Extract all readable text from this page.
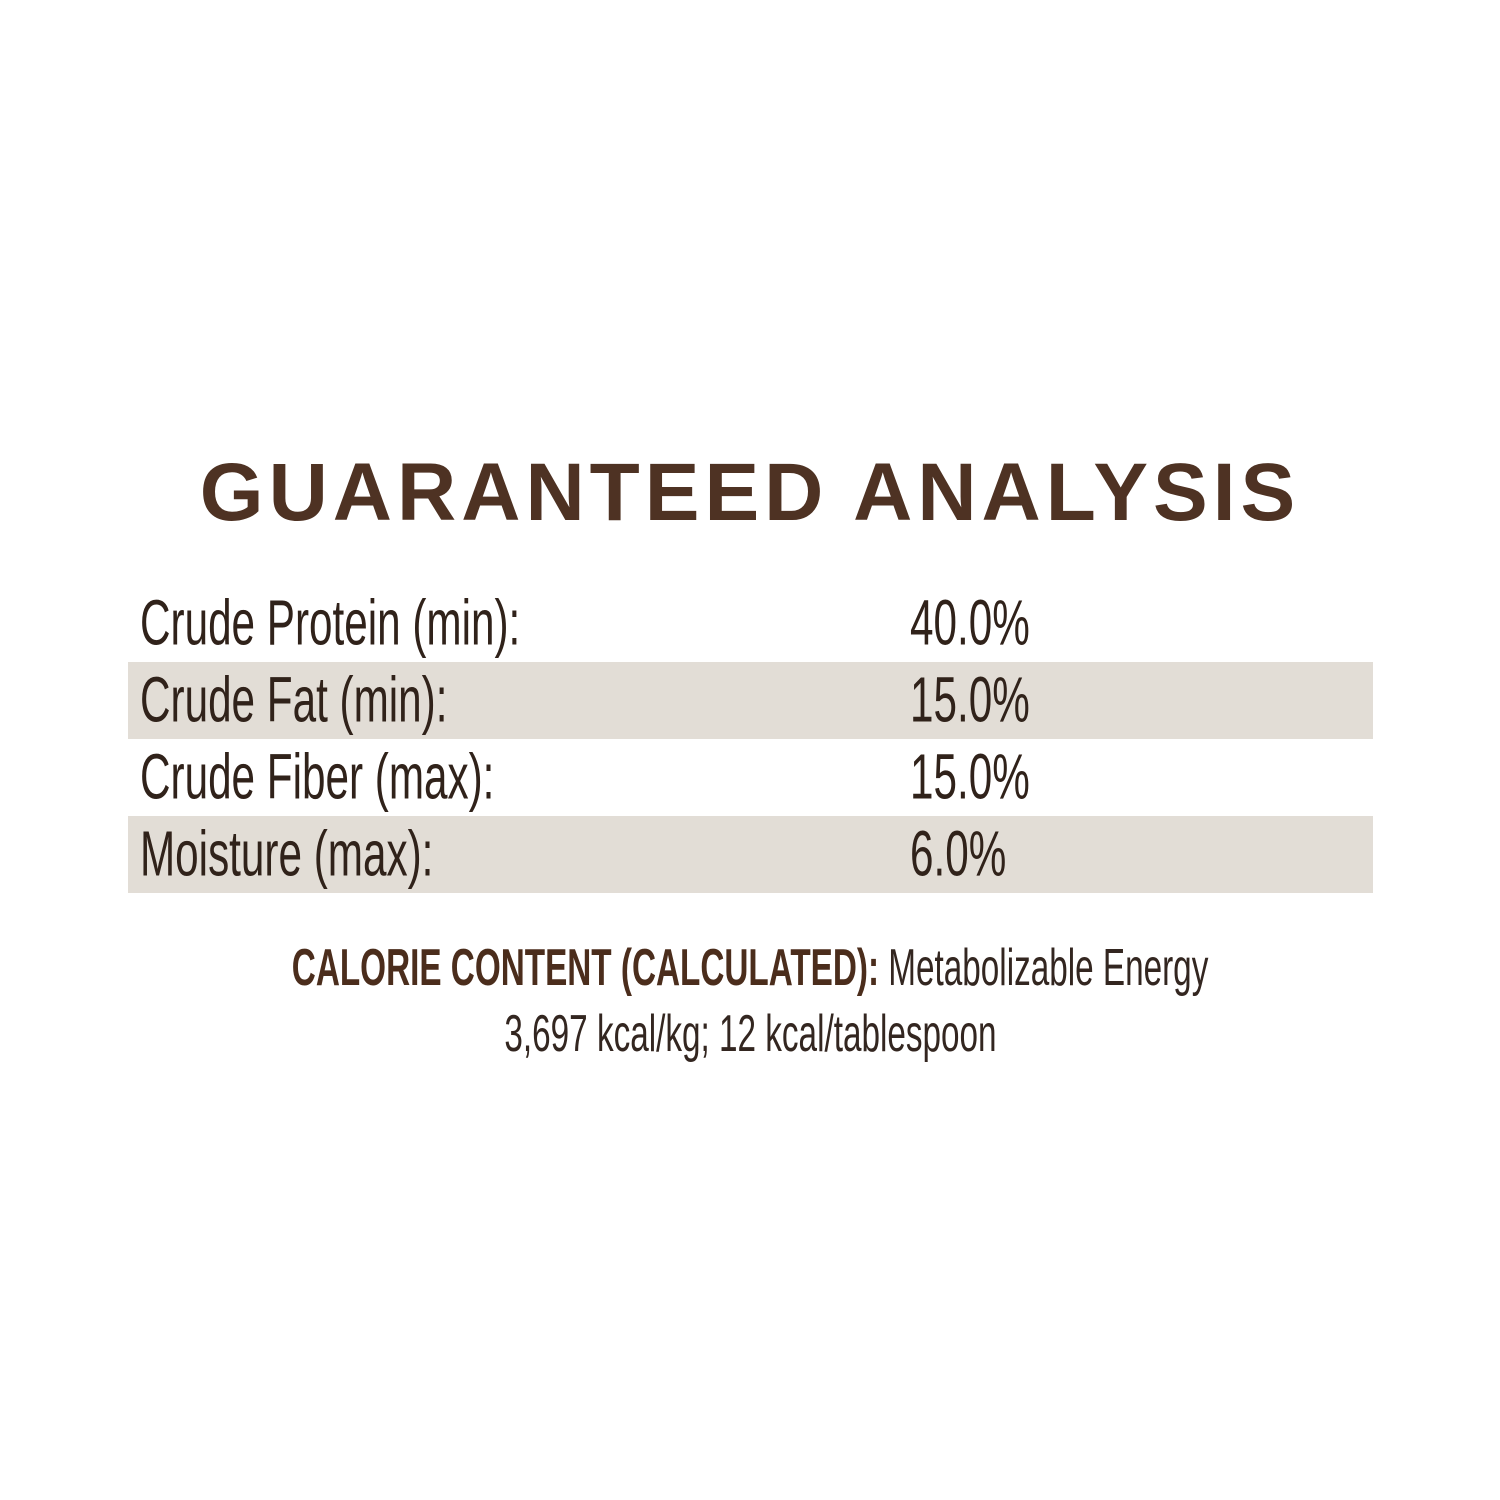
GUARANTEED ANALYSIS
Crude Protein (min):	40.0%
Crude Fat (min):	15.0%
Crude Fiber (max):	15.0%
Moisture (max):	6.0%
CALORIE CONTENT (CALCULATED): Metabolizable Energy
3,697 kcal/kg; 12 kcal/tablespoon
